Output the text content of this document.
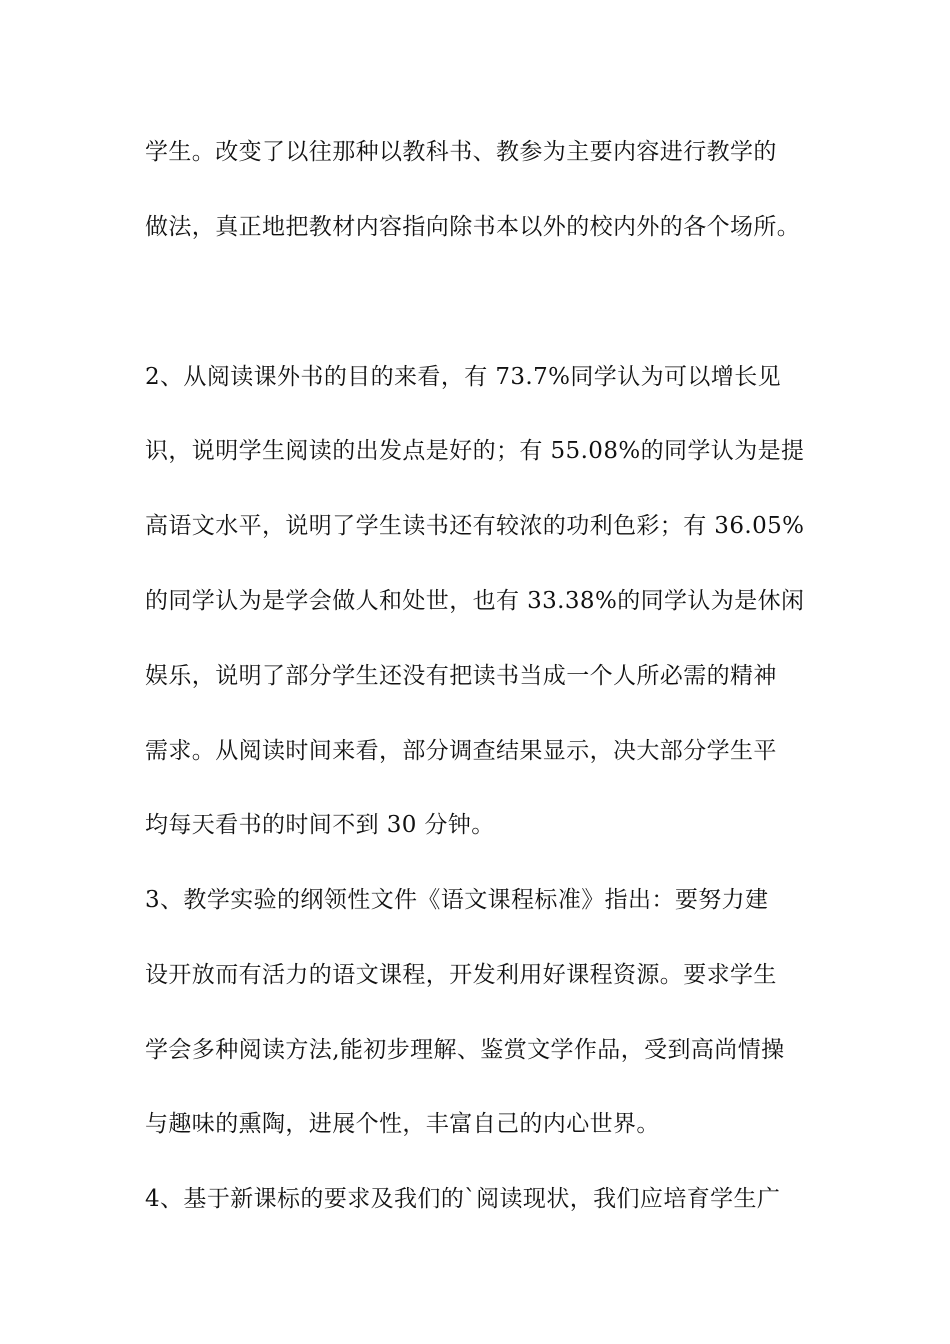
学生。改变了以往那种以教科书、教参为主要内容进行教学的
做法，真正地把教材内容指向除书本以外的校内外的各个场所。
2、从阅读课外书的目的来看，有 73.7%同学认为可以增长见
识，说明学生阅读的出发点是好的；有 55.08%的同学认为是提
高语文水平，说明了学生读书还有较浓的功利色彩；有 36.05%
的同学认为是学会做人和处世，也有 33.38%的同学认为是休闲
娱乐，说明了部分学生还没有把读书当成一个人所必需的精神
需求。从阅读时间来看，部分调查结果显示，决大部分学生平
均每天看书的时间不到 30 分钟。
3、教学实验的纲领性文件《语文课程标准》指出：要努力建
设开放而有活力的语文课程，开发利用好课程资源。要求学生
学会多种阅读方法,能初步理解、鉴赏文学作品，受到高尚情操
与趣味的熏陶，进展个性，丰富自己的内心世界。
4、基于新课标的要求及我们的`阅读现状，我们应培育学生广
